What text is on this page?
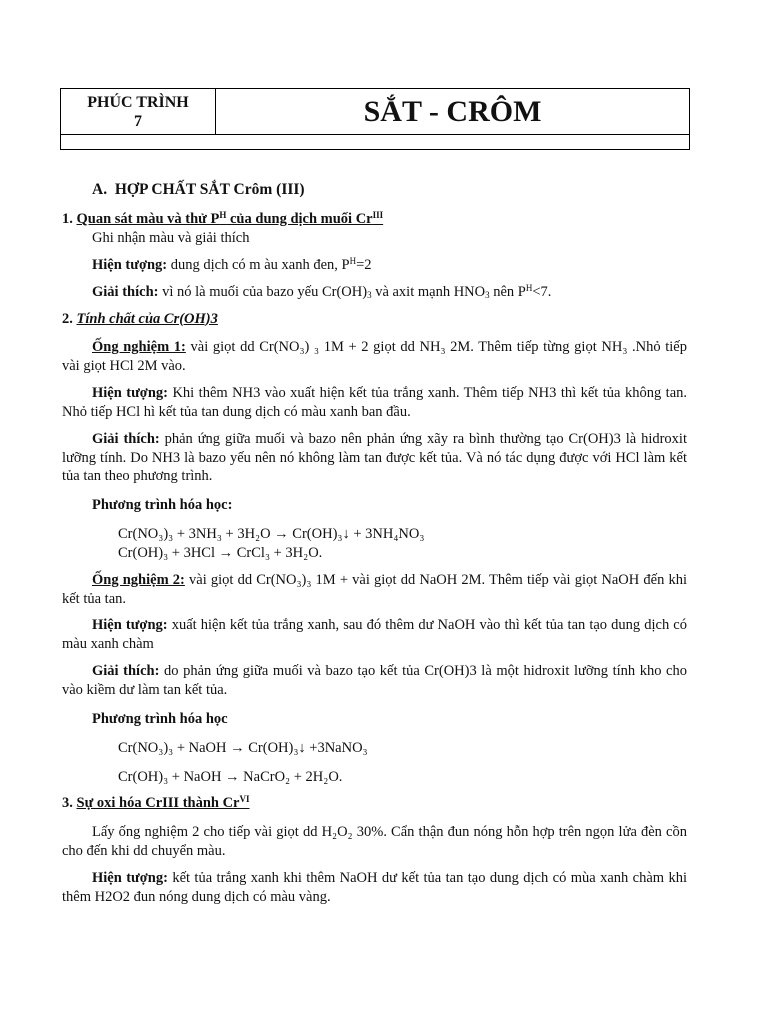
PHÚC TRÌNH
7	SẮT - CRÔM

A. HỢP CHẤT SẮT Crôm (III)

1. Quan sát màu và thử $P^H$ của dung dịch muối $Cr^{III}$

Ghi nhận màu và giải thích

Hiện tượng: dung dịch có m àu xanh đen, $P^H=2$

Giải thích: vì nó là muối của bazo yếu $Cr(OH)_3$ và axit mạnh $HNO_3$ nên $P^H<7$.

2. Tính chất của Cr(OH)3

Ống nghiệm 1: vài giọt dd Cr(NO₃) ₃ 1M + 2 giọt dd NH₃ 2M. Thêm tiếp từng giọt NH₃ .Nhỏ tiếp vài giọt HCl 2M vào.

Hiện tượng: Khi thêm NH3 vào xuất hiện kết tủa trắng xanh. Thêm tiếp NH3 thì kết tủa không tan. Nhỏ tiếp HCl hì kết tủa tan dung dịch có màu xanh ban đầu.

Giải thích: phản ứng giữa muối và bazo nên phản ứng xãy ra bình thường tạo Cr(OH)3 là hidroxit lưỡng tính. Do NH3 là bazo yếu nên nó không làm tan được kết tủa. Và nó tác dụng được với HCl làm kết tủa tan theo phương trình.

Phương trình hóa học:

Cr(NO₃)₃ + 3NH₃ + 3H₂O → Cr(OH)₃↓ + 3NH₄NO₃

Cr(OH)₃ + 3HCl → CrCl₃ + 3H₂O.

Ống nghiệm 2: vài giọt dd Cr(NO₃)₃ 1M + vài giọt dd NaOH 2M. Thêm tiếp vài giọt NaOH đến khi kết tủa tan.

Hiện tượng: xuất hiện kết tủa trắng xanh, sau đó thêm dư NaOH vào thì kết tủa tan tạo dung dịch có màu xanh chàm

Giải thích: do phản ứng giữa muối và bazo tạo kết tủa Cr(OH)3 là một hidroxit lưỡng tính kho cho vào kiềm dư làm tan kết tủa.

Phương trình hóa học

Cr(NO₃)₃ + NaOH → Cr(OH)₃↓ +3NaNO₃

Cr(OH)₃ + NaOH → NaCrO₂ + 2H₂O.

3. Sự oxi hóa CrIII thành $Cr^{VI}$

Lấy ống nghiệm 2 cho tiếp vài giọt dd H₂O₂ 30%. Cẩn thận đun nóng hỗn hợp trên ngọn lửa đèn cồn cho đến khi dd chuyển màu.

Hiện tượng: kết tủa trắng xanh khi thêm NaOH dư kết tủa tan tạo dung dịch có mùa xanh chàm khi thêm H2O2 đun nóng dung dịch có màu vàng.
